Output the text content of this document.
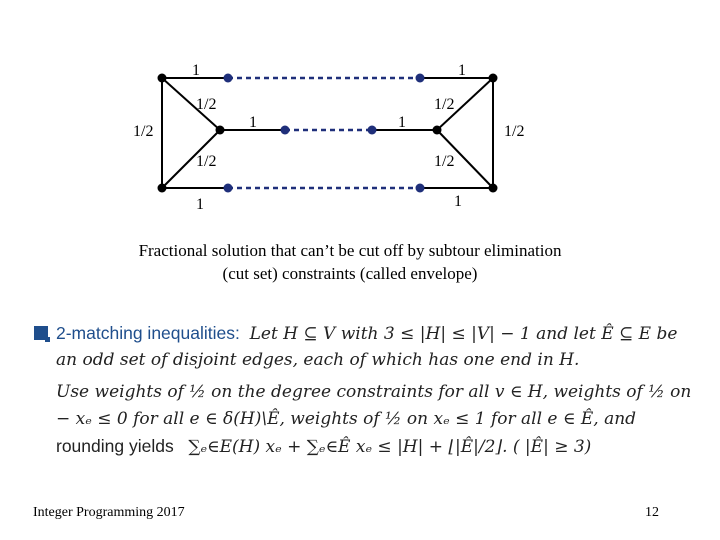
1	1
1/2	1/2
1	1
1/2	1/2
1/2	1/2
1	1
Fractional solution that can’t be cut off by subtour elimination
(cut set) constraints (called envelope)
2-matching inequalities: Let H ⊆ V with 3 ≤ |H| ≤ |V| − 1 and let Ê ⊆ E be
an odd set of disjoint edges, each of which has one end in H.
Use weights of ½ on the degree constraints for all v ∈ H, weights of ½ on
− xₑ ≤ 0 for all e ∈ δ(H)\Ê, weights of ½ on xₑ ≤ 1 for all e ∈ Ê, and
rounding yields ∑ₑ∈E(H) xₑ + ∑ₑ∈Ê xₑ ≤ |H| + ⌊|Ê|/2⌋. ( |Ê| ≥ 3)
Integer Programming 2017	12
